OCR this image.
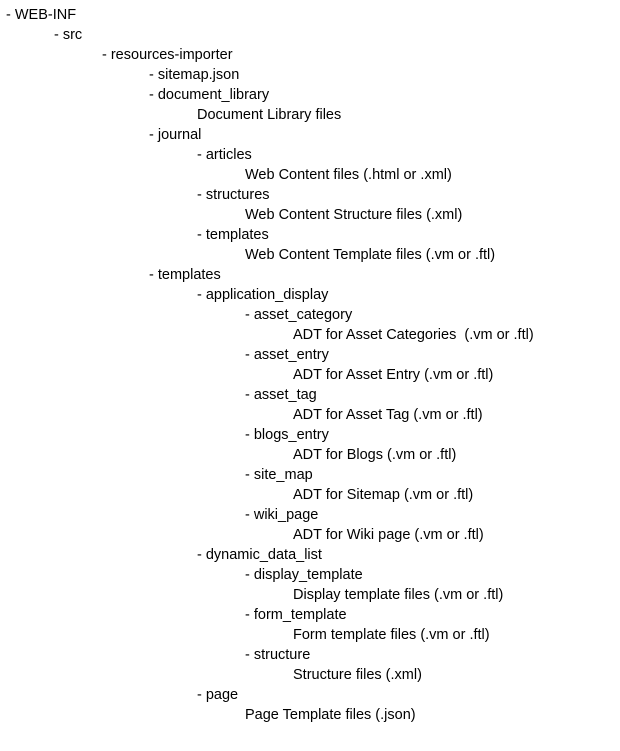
- WEB-INF
- src
- resources-importer
- sitemap.json
- document_library
Document Library files
- journal
- articles
Web Content files (.html or .xml)
- structures
Web Content Structure files (.xml)
- templates
Web Content Template files (.vm or .ftl)
- templates
- application_display
- asset_category
ADT for Asset Categories  (.vm or .ftl)
- asset_entry
ADT for Asset Entry (.vm or .ftl)
- asset_tag
ADT for Asset Tag (.vm or .ftl)
- blogs_entry
ADT for Blogs (.vm or .ftl)
- site_map
ADT for Sitemap (.vm or .ftl)
- wiki_page
ADT for Wiki page (.vm or .ftl)
- dynamic_data_list
- display_template
Display template files (.vm or .ftl)
- form_template
Form template files (.vm or .ftl)
- structure
Structure files (.xml)
- page
Page Template files (.json)
